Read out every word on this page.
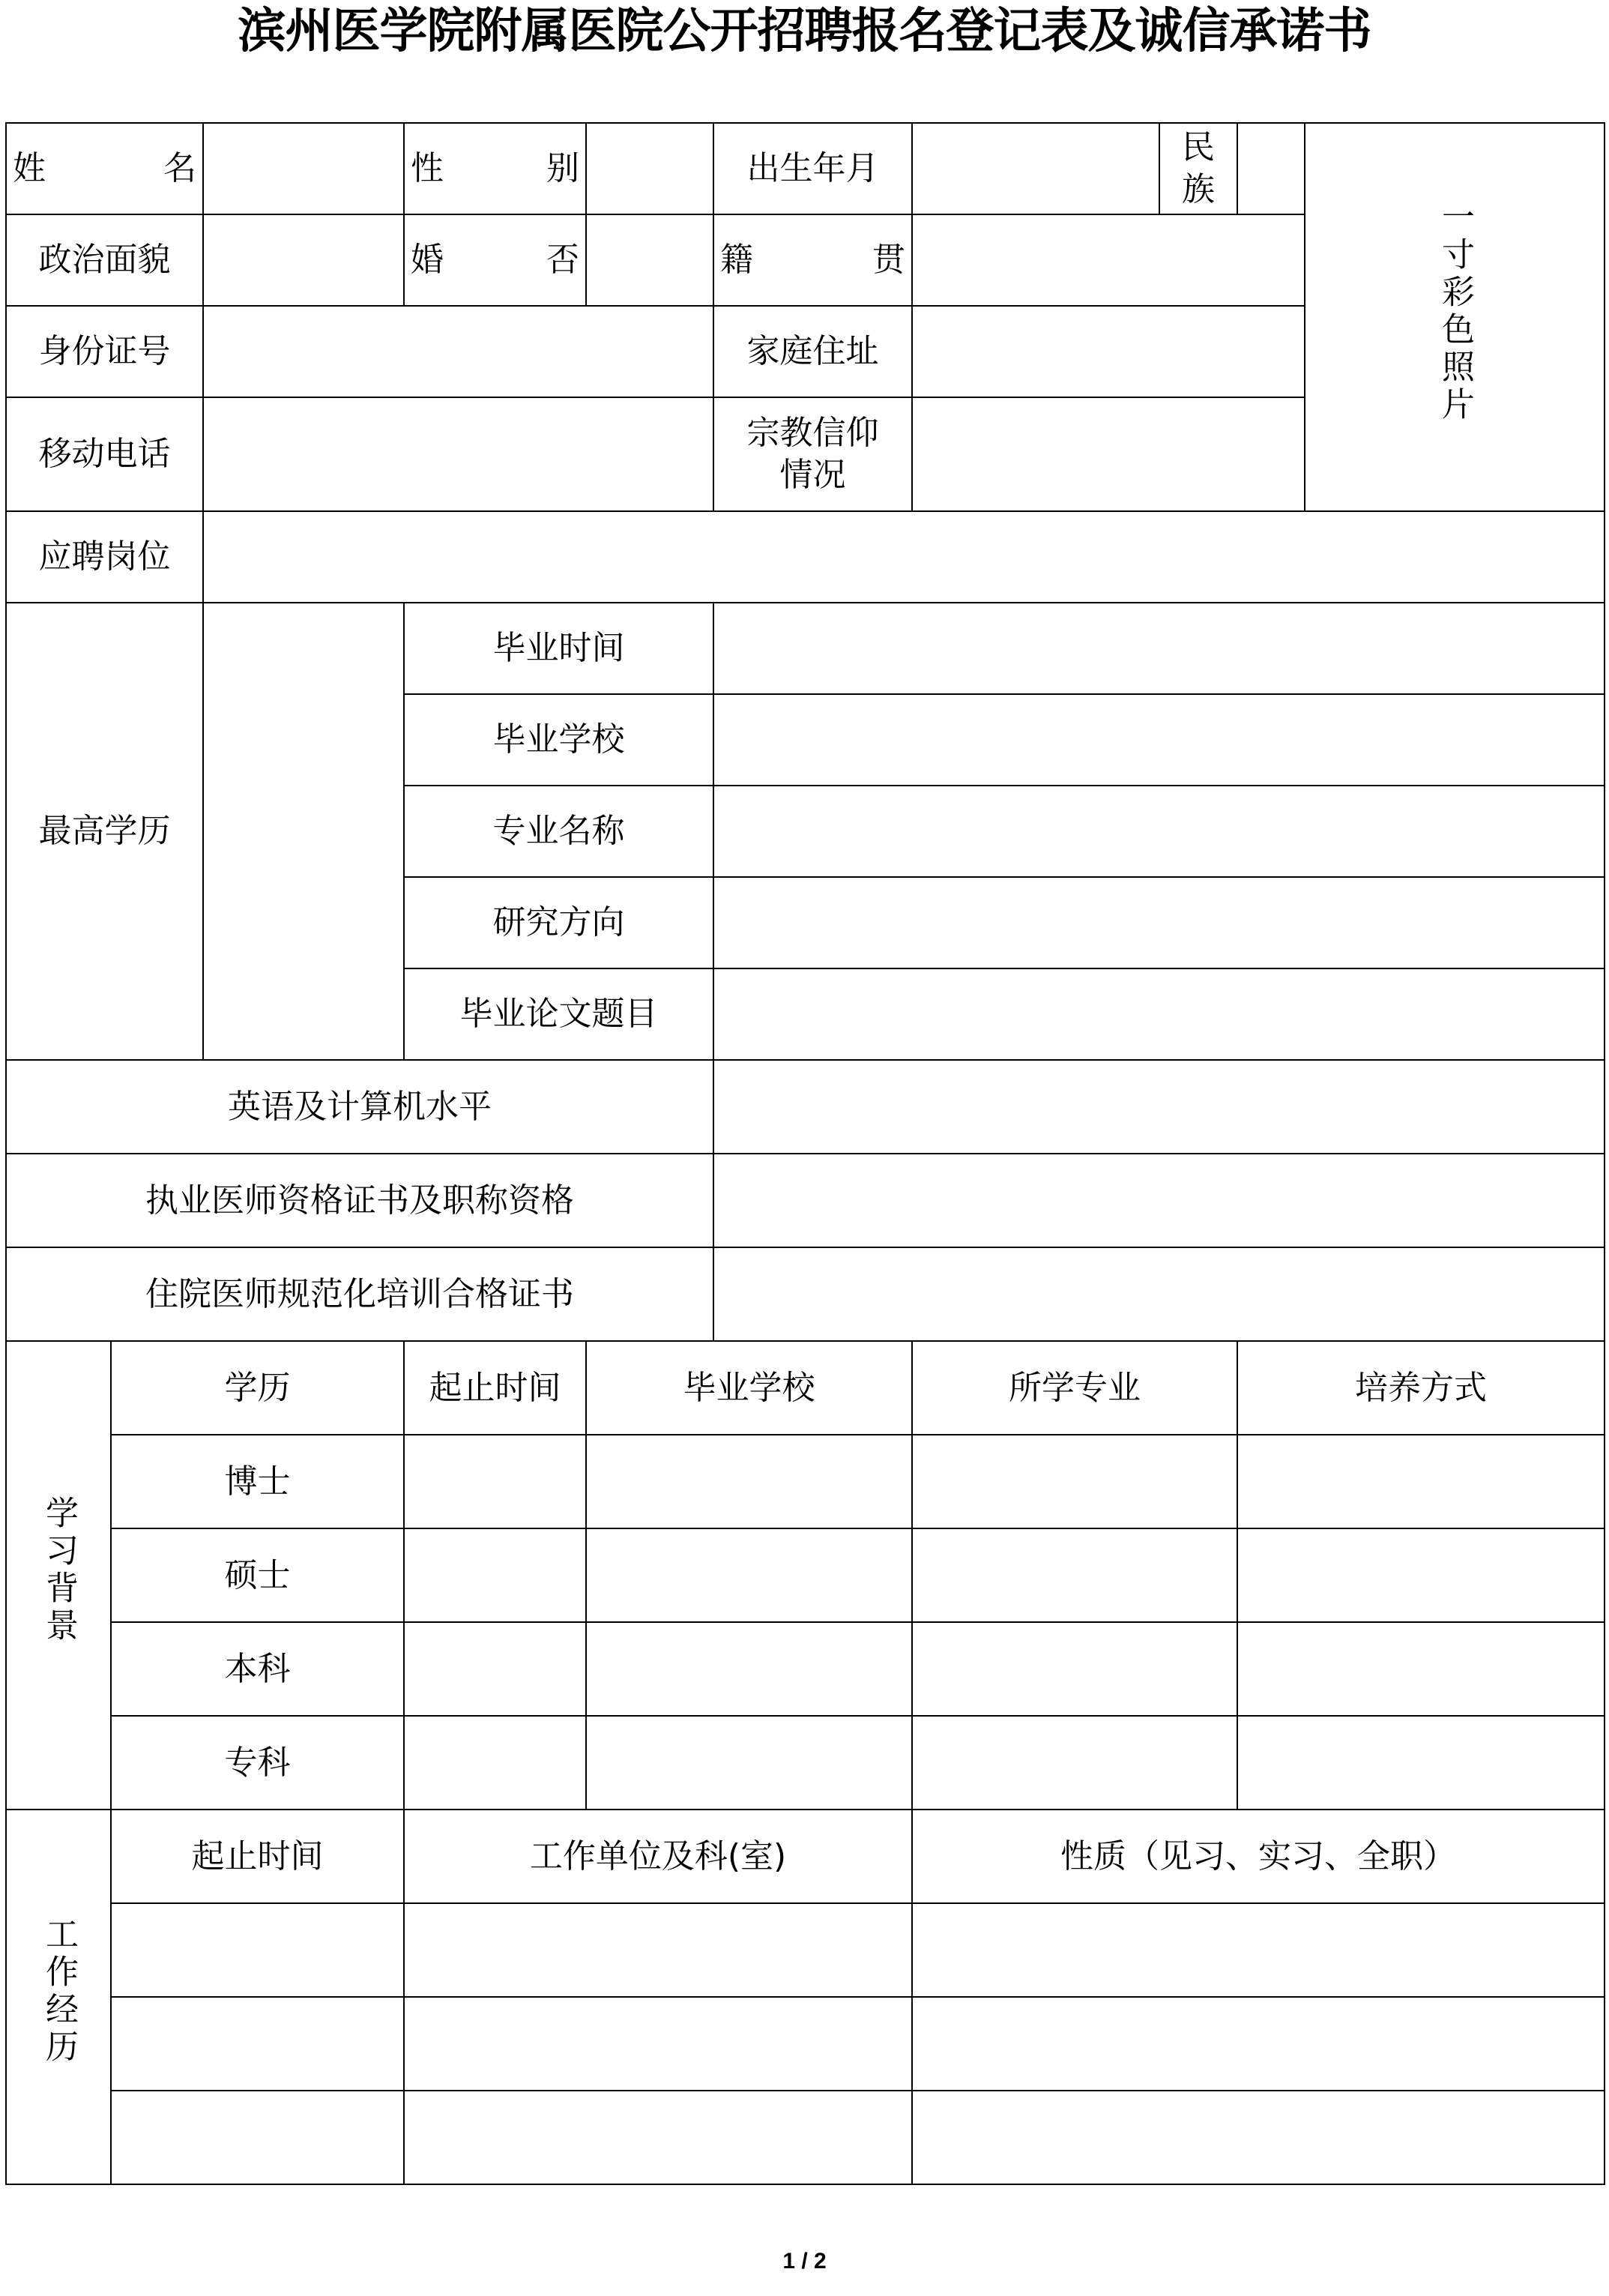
滨州医学院附属医院公开招聘报名登记表及诚信承诺书
姓　　名			性　　别		出生年月		民族		一寸彩色照片
政治面貌			婚　　否		籍　　贯				

身份证号					家庭住址				
移动电话					宗教信仰
情况				

应聘岗位									
最高学历			毕业时间						
			毕业学校						
			专业名称						
			研究方向						
			毕业论文题目						
英语及计算机水平									
执业医师资格证书及职称资格									
住院医师规范化培训合格证书									
学习背景	学历		起止时间	毕业学校		所学专业		培养方式	
	博士								
	硕士								
	本科								
	专科								
工作经历	起止时间		工作单位及科(室)			性质（见习、实习、全职）			

1 / 2
